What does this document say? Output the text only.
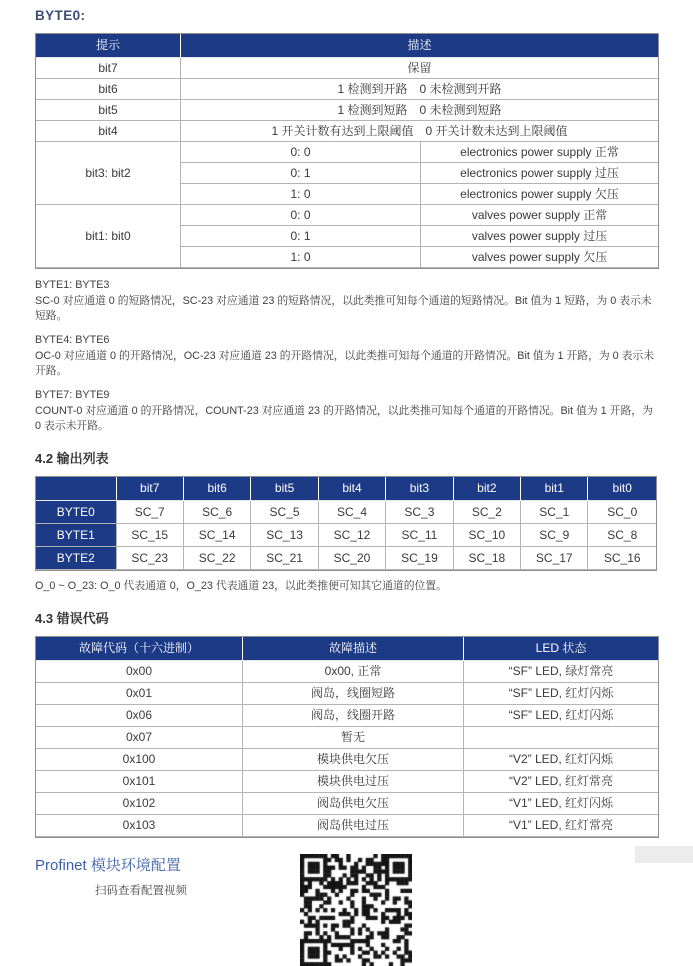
BYTE0:
提示	描述	
bit7	保留	
bit6	1 检测到开路　0 未检测到开路	
bit5	1 检测到短路　0 未检测到短路	
bit4	1 开关计数有达到上限阈值　0 开关计数未达到上限阈值	
bit3: bit2	0: 0	electronics power supply 正常
	0: 1	electronics power supply 过压
	1: 0	electronics power supply 欠压
bit1: bit0	0: 0	valves power supply 正常
	0: 1	valves power supply 过压
	1: 0	valves power supply 欠压
BYTE1: BYTE3
SC-0 对应通道 0 的短路情况，SC-23 对应通道 23 的短路情况，以此类推可知每个通道的短路情况。Bit 值为 1 短路，为 0 表示未短路。
BYTE4: BYTE6
OC-0 对应通道 0 的开路情况，OC-23 对应通道 23 的开路情况，以此类推可知每个通道的开路情况。Bit 值为 1 开路，为 0 表示未开路。
BYTE7: BYTE9
COUNT-0 对应通道 0 的开路情况，COUNT-23 对应通道 23 的开路情况，以此类推可知每个通道的开路情况。Bit 值为 1 开路，为 0 表示未开路。
4.2 输出列表
	bit7	bit6	bit5	bit4	bit3	bit2	bit1	bit0
BYTE0	SC_7	SC_6	SC_5	SC_4	SC_3	SC_2	SC_1	SC_0
BYTE1	SC_15	SC_14	SC_13	SC_12	SC_11	SC_10	SC_9	SC_8
BYTE2	SC_23	SC_22	SC_21	SC_20	SC_19	SC_18	SC_17	SC_16
O_0 ~ O_23: O_0 代表通道 0，O_23 代表通道 23，以此类推便可知其它通道的位置。
4.3 错误代码
故障代码（十六进制）	故障描述	LED 状态
0x00	0x00, 正常	“SF” LED, 绿灯常亮
0x01	阀岛，线圈短路	“SF” LED, 红灯闪烁
0x06	阀岛，线圈开路	“SF” LED, 红灯闪烁
0x07	暂无	
0x100	模块供电欠压	“V2” LED, 红灯闪烁
0x101	模块供电过压	“V2” LED, 红灯常亮
0x102	阀岛供电欠压	“V1” LED, 红灯闪烁
0x103	阀岛供电过压	“V1” LED, 红灯常亮
Profinet 模块环境配置
扫码查看配置视频
